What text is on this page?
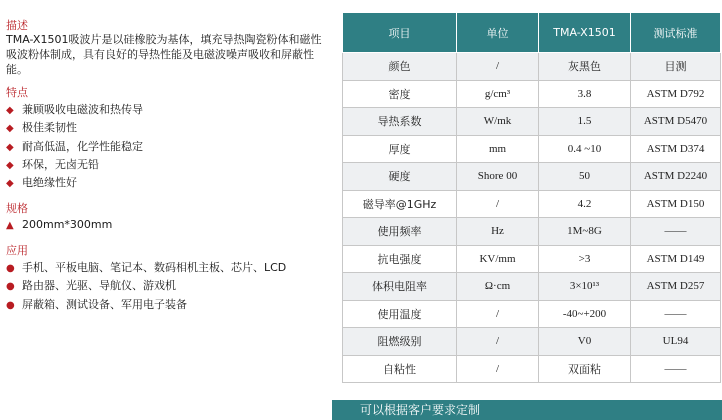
描述
TMA-X1501吸波片是以硅橡胶为基体，填充导热陶瓷粉体和磁性吸波粉体制成，具有良好的导热性能及电磁波噪声吸收和屏蔽性能。
特点
◆ 兼顾吸收电磁波和热传导
◆ 极佳柔韧性
◆ 耐高低温，化学性能稳定
◆ 环保，无卤无铅
◆ 电绝缘性好
规格
▲ 200mm*300mm
应用
● 手机、平板电脑、笔记本、数码相机主板、芯片、LCD
● 路由器、光驱、导航仪、游戏机
● 屏蔽箱、测试设备、军用电子装备
项目	单位	TMA-X1501	测试标准
颜色	/	灰黑色	目测
密度	g/cm³	3.8	ASTM D792
导热系数	W/mk	1.5	ASTM D5470
厚度	mm	0.4 ~10	ASTM D374
硬度	Shore 00	50	ASTM D2240
磁导率@1GHz	/	4.2	ASTM D150
使用频率	Hz	1M~8G	——
抗电强度	KV/mm	>3	ASTM D149
体积电阻率	Ω·cm	3×10¹³	ASTM D257
使用温度	/	-40~+200	——
阻燃级别	/	V0	UL94
自粘性	/	双面粘	——
可以根据客户要求定制
